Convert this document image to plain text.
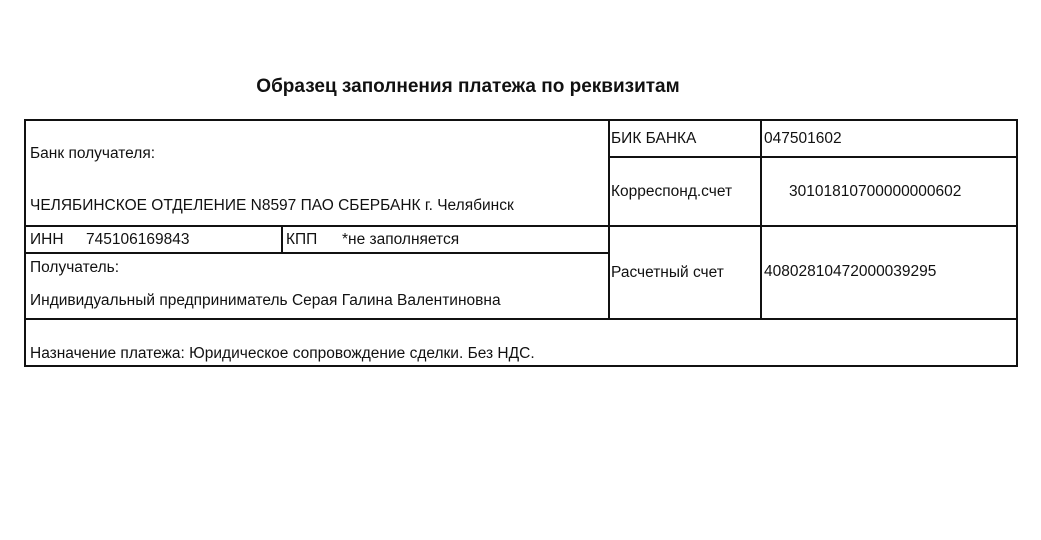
Образец заполнения платежа по реквизитам
Банк получателя:
ЧЕЛЯБИНСКОЕ ОТДЕЛЕНИЕ N8597 ПАО СБЕРБАНК г. Челябинск
БИК БАНКА	047501602
Корреспонд.счет	30101810700000000602
ИНН 745106169843	КПП *не заполняется
Получатель:
Индивидуальный предприниматель Серая Галина Валентиновна
Расчетный счет	40802810472000039295
Назначение платежа: Юридическое сопровождение сделки. Без НДС.
